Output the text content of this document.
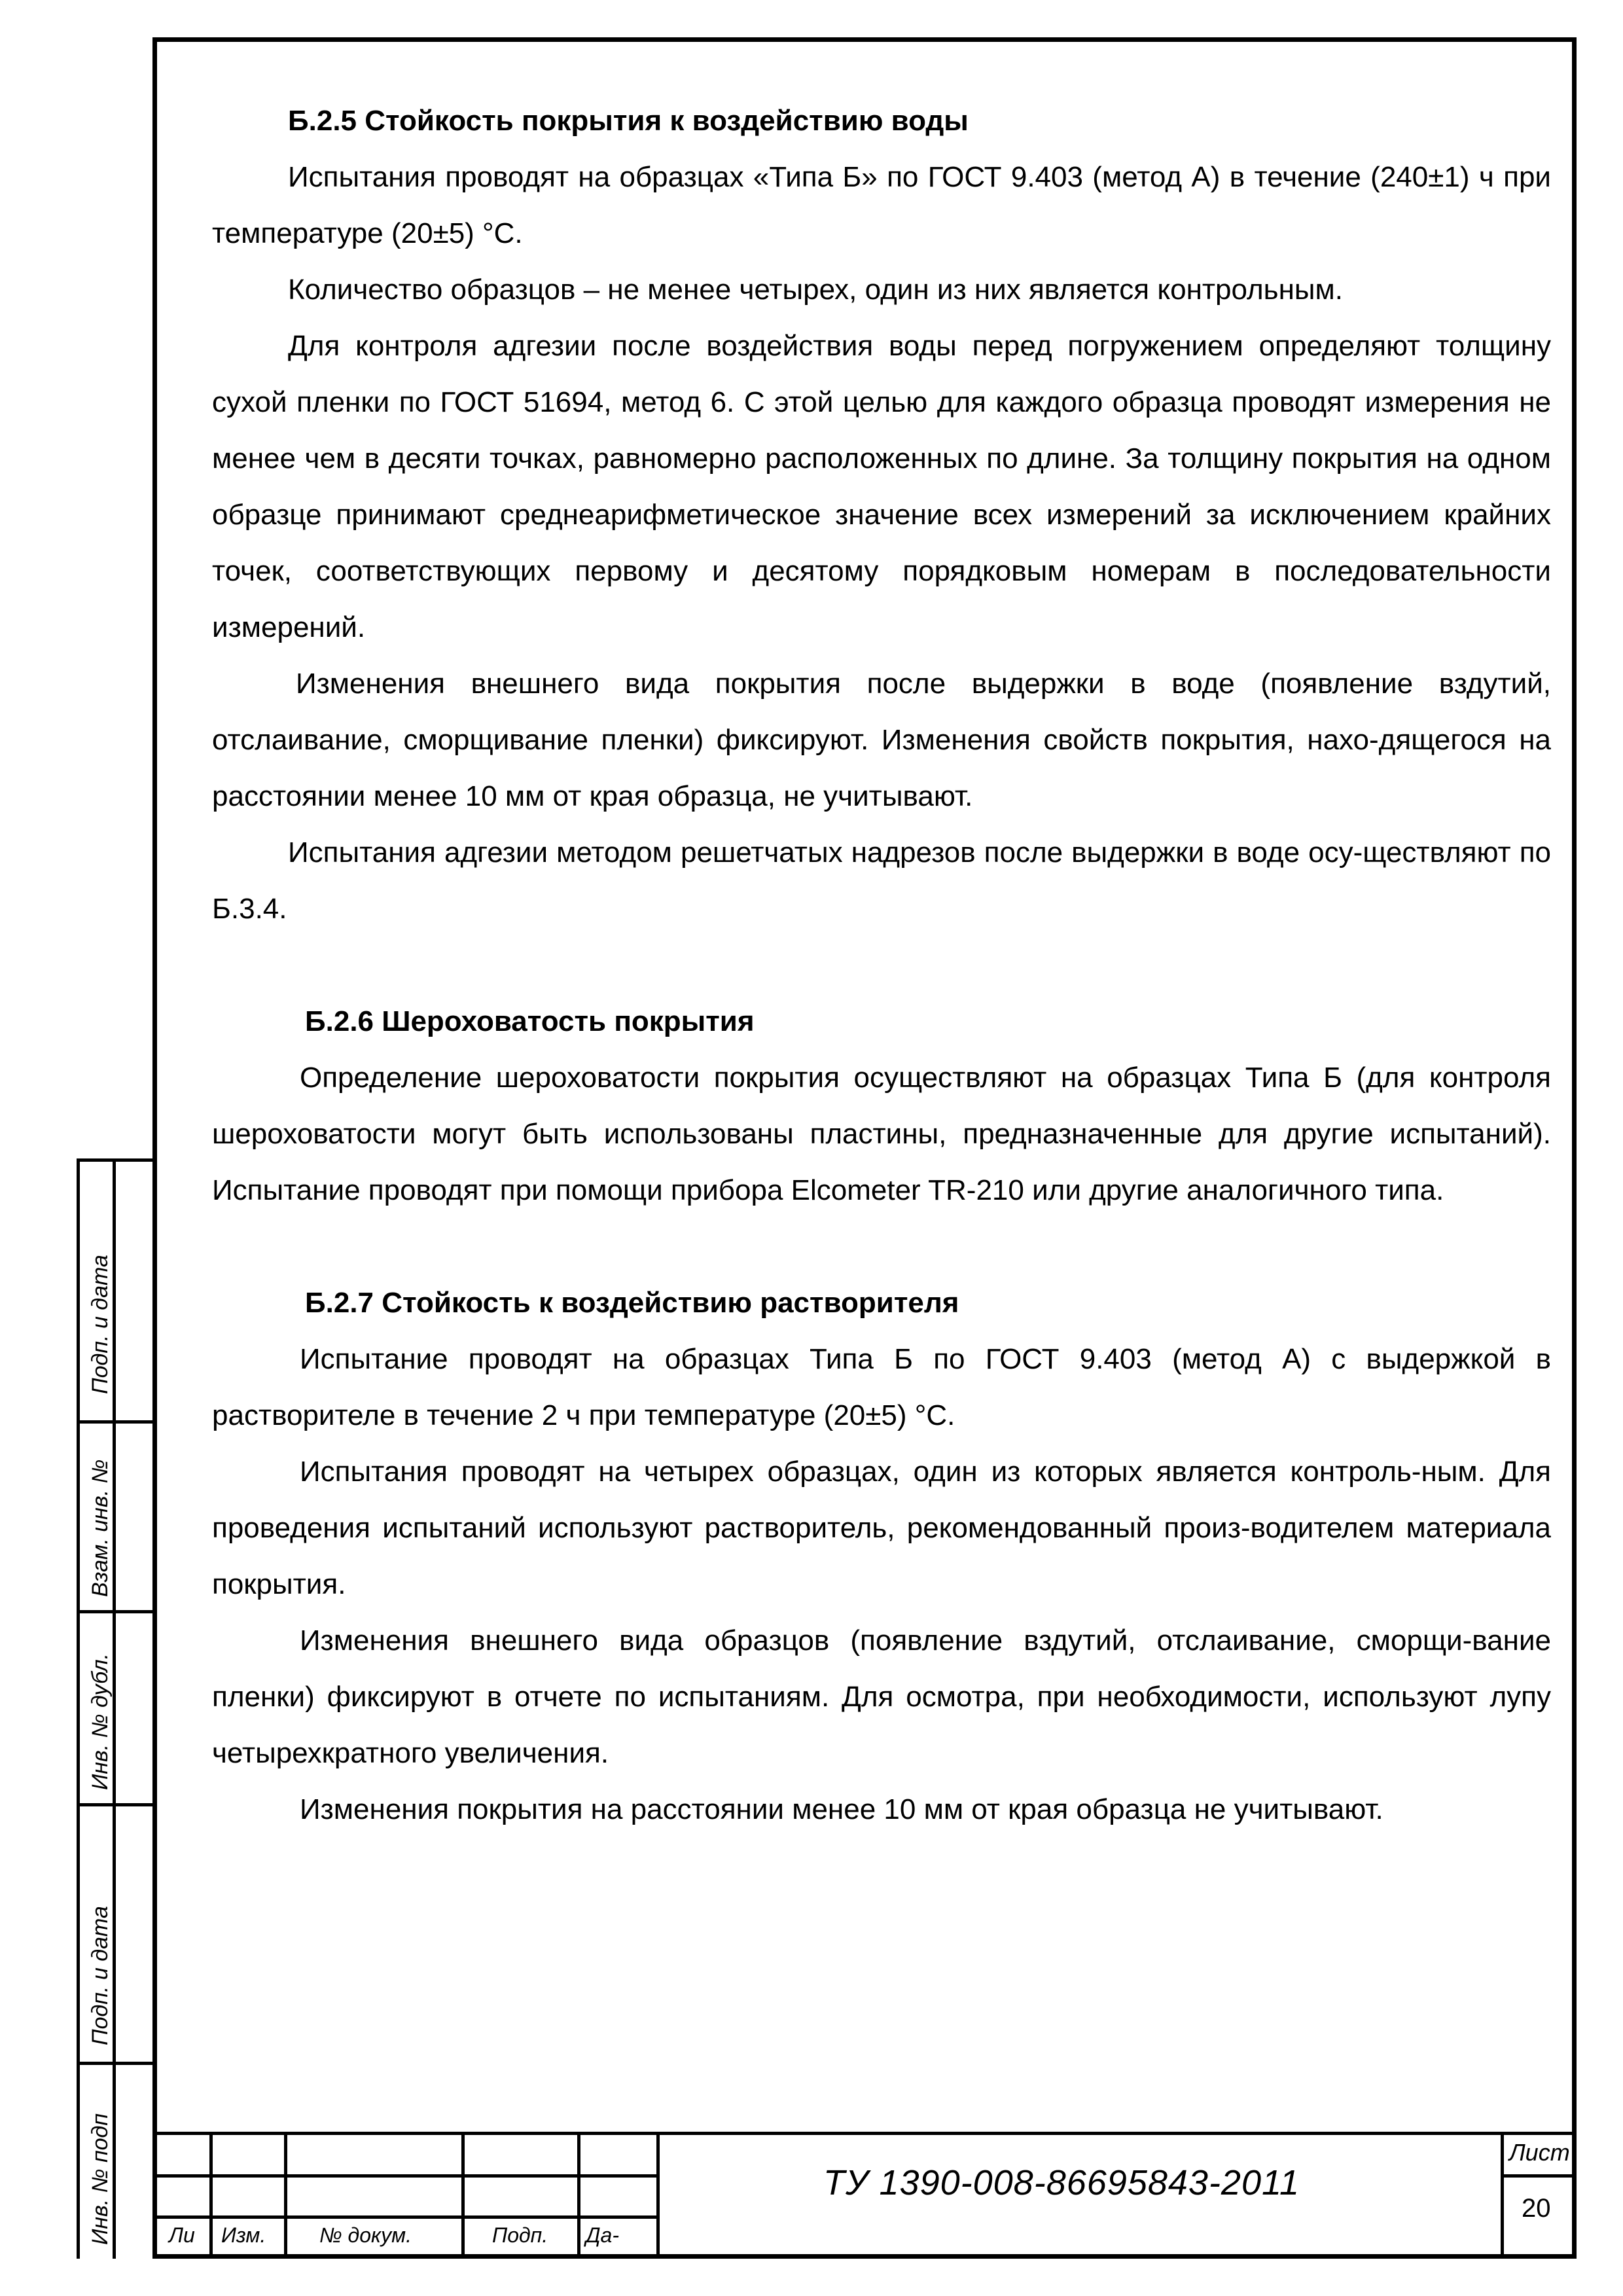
Б.2.5 Стойкость покрытия к воздействию воды
Испытания проводят на образцах «Типа Б» по ГОСТ 9.403 (метод А) в течение (240±1) ч при температуре (20±5) °С.
Количество образцов – не менее четырех, один из них является контрольным.
Для контроля адгезии после воздействия воды перед погружением определяют толщину сухой пленки по ГОСТ 51694, метод 6. С этой целью для каждого образца проводят измерения не менее чем в десяти точках, равномерно расположенных по длине. За толщину покрытия на одном образце принимают среднеарифметическое значение всех измерений за исключением крайних точек, соответствующих первому и десятому порядковым номерам в последовательности измерений.
Изменения внешнего вида покрытия после выдержки в воде (появление вздутий, отслаивание, сморщивание пленки) фиксируют. Изменения свойств покрытия, нахо-дящегося на расстоянии менее 10 мм от края образца, не учитывают.
Испытания адгезии методом решетчатых надрезов после выдержки в воде осу-ществляют по Б.3.4.
Б.2.6 Шероховатость покрытия
Определение шероховатости покрытия осуществляют на образцах Типа Б (для контроля шероховатости могут быть использованы пластины, предназначенные для другие испытаний). Испытание проводят при помощи прибора Elcometer TR-210 или другие аналогичного типа.
Б.2.7 Стойкость к воздействию растворителя
Испытание проводят на образцах Типа Б по ГОСТ 9.403 (метод А) с выдержкой в растворителе в течение 2 ч при температуре (20±5) °С.
Испытания проводят на четырех образцах, один из которых является контроль-ным. Для проведения испытаний используют растворитель, рекомендованный произ-водителем материала покрытия.
Изменения внешнего вида образцов (появление вздутий, отслаивание, сморщи-вание пленки) фиксируют в отчете по испытаниям. Для осмотра, при необходимости, используют лупу четырехкратного увеличения.
Изменения покрытия на расстоянии менее 10 мм от края образца не учитывают.
Подп. и дата
Взам. инв. №
Инв. № дубл.
Подп. и дата
Инв. № подп	Ли Изм.	№ докум.	Подп. Да-
ТУ 1390-008-86695843-2011
Лист
20
